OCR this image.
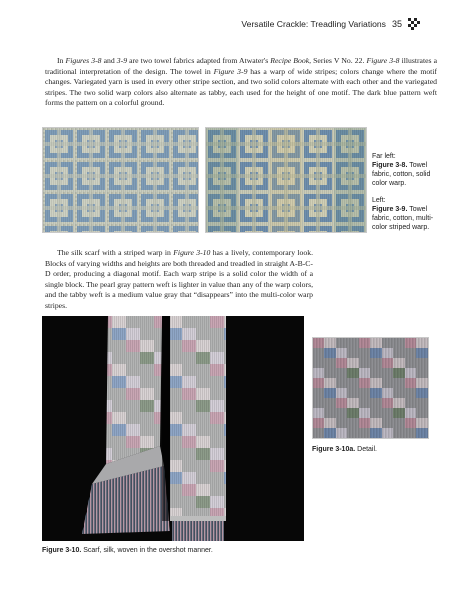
Versatile Crackle: Treadling Variations 35

In Figures 3-8 and 3-9 are two towel fabrics adapted from Atwater's Recipe Book, Series V No. 22. Figure 3-8 illustrates a traditional interpretation of the design. The towel in Figure 3-9 has a warp of wide stripes; colors change where the motif changes. Variegated yarn is used in every other stripe section, and two solid colors alternate with each other and the variegated stripes. The two solid warp colors also alternate as tabby, each used for the height of one motif. The dark blue pattern weft forms the pattern on a colorful ground.

Far left:
Figure 3-8. Towel fabric, cotton, solid color warp.
Left:
Figure 3-9. Towel fabric, cotton, multi-color striped warp.

The silk scarf with a striped warp in Figure 3-10 has a lively, contemporary look. Blocks of varying widths and heights are both threaded and treadled in straight A-B-C-D order, producing a diagonal motif. Each warp stripe is a solid color the width of a single block. The pearl gray pattern weft is lighter in value than any of the warp colors, and the tabby weft is a medium value gray that “disappears” into the multi-color warp stripes.

Figure 3-10a. Detail.
Figure 3-10. Scarf, silk, woven in the overshot manner.
